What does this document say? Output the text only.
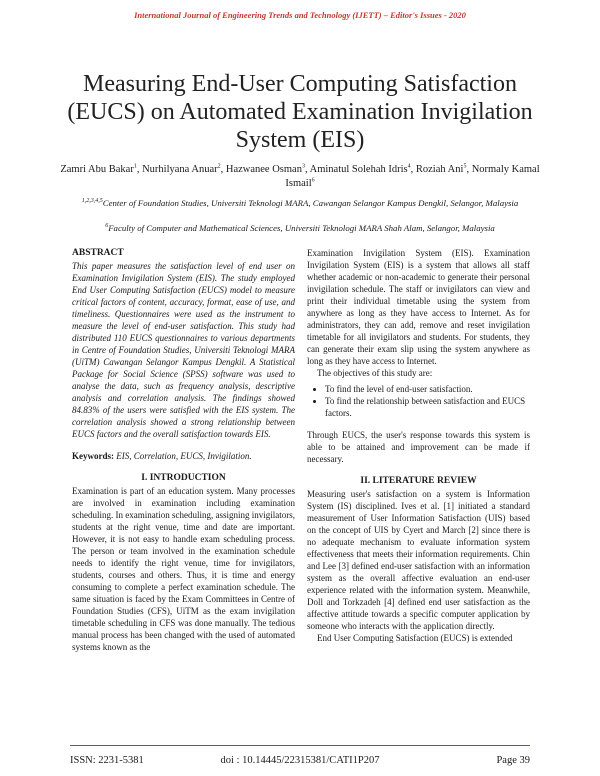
International Journal of Engineering Trends and Technology (IJETT) – Editor's Issues - 2020
Measuring End-User Computing Satisfaction (EUCS) on Automated Examination Invigilation System (EIS)
Zamri Abu Bakar$^1$, Nurhilyana Anuar$^2$, Hazwanee Osman$^3$, Aminatul Solehah Idris$^4$, Roziah Ani$^5$, Normaly Kamal Ismail$^6$
$^{1,2,3,4,5}$Center of Foundation Studies, Universiti Teknologi MARA, Cawangan Selangor Kampus Dengkil, Selangor, Malaysia
$^6$Faculty of Computer and Mathematical Sciences, Universiti Teknologi MARA Shah Alam, Selangor, Malaysia
ABSTRACT

This paper measures the satisfaction level of end user on Examination Invigilation System (EIS). The study employed End User Computing Satisfaction (EUCS) model to measure critical factors of content, accuracy, format, ease of use, and timeliness. Questionnaires were used as the instrument to measure the level of end-user satisfaction. This study had distributed 110 EUCS questionnaires to various departments in Centre of Foundation Studies, Universiti Teknologi MARA (UiTM) Cawangan Selangor Kampus Dengkil. A Statistical Package for Social Science (SPSS) software was used to analyse the data, such as frequency analysis, descriptive analysis and correlation analysis. The findings showed 84.83% of the users were satisfied with the EIS system. The correlation analysis showed a strong relationship between EUCS factors and the overall satisfaction towards EIS.

Keywords: EIS, Correlation, EUCS, Invigilation.

I. INTRODUCTION

Examination is part of an education system. Many processes are involved in examination including examination scheduling. In examination scheduling, assigning invigilators, students at the right venue, time and date are important. However, it is not easy to handle exam scheduling process. The person or team involved in the examination schedule needs to identify the right venue, time for invigilators, students, courses and others. Thus, it is time and energy consuming to complete a perfect examination schedule. The same situation is faced by the Exam Committees in Centre of Foundation Studies (CFS), UiTM as the exam invigilation timetable scheduling in CFS was done manually. The tedious manual process has been changed with the used of automated systems known as the

Examination Invigilation System (EIS). Examination Invigilation System (EIS) is a system that allows all staff whether academic or non-academic to generate their personal invigilation schedule. The staff or invigilators can view and print their individual timetable using the system from anywhere as long as they have access to Internet. As for administrators, they can add, remove and reset invigilation timetable for all invigilators and students. For students, they can generate their exam slip using the system anywhere as long as they have access to Internet.

The objectives of this study are:

• To find the level of end-user satisfaction.
• To find the relationship between satisfaction and EUCS factors.

Through EUCS, the user's response towards this system is able to be attained and improvement can be made if necessary.

II. LITERATURE REVIEW

Measuring user's satisfaction on a system is Information System (IS) disciplined. Ives et al. [1] initiated a standard measurement of User Information Satisfaction (UIS) based on the concept of UIS by Cyert and March [2] since there is no adequate mechanism to evaluate information system effectiveness that meets their information requirements. Chin and Lee [3] defined end-user satisfaction with an information system as the overall affective evaluation an end-user experience related with the information system. Meanwhile, Doll and Torkzadeh [4] defined end user satisfaction as the affective attitude towards a specific computer application by someone who interacts with the application directly.

End User Computing Satisfaction (EUCS) is extended

ISSN: 2231-5381	doi : 10.14445/22315381/CATI1P207	Page 39
